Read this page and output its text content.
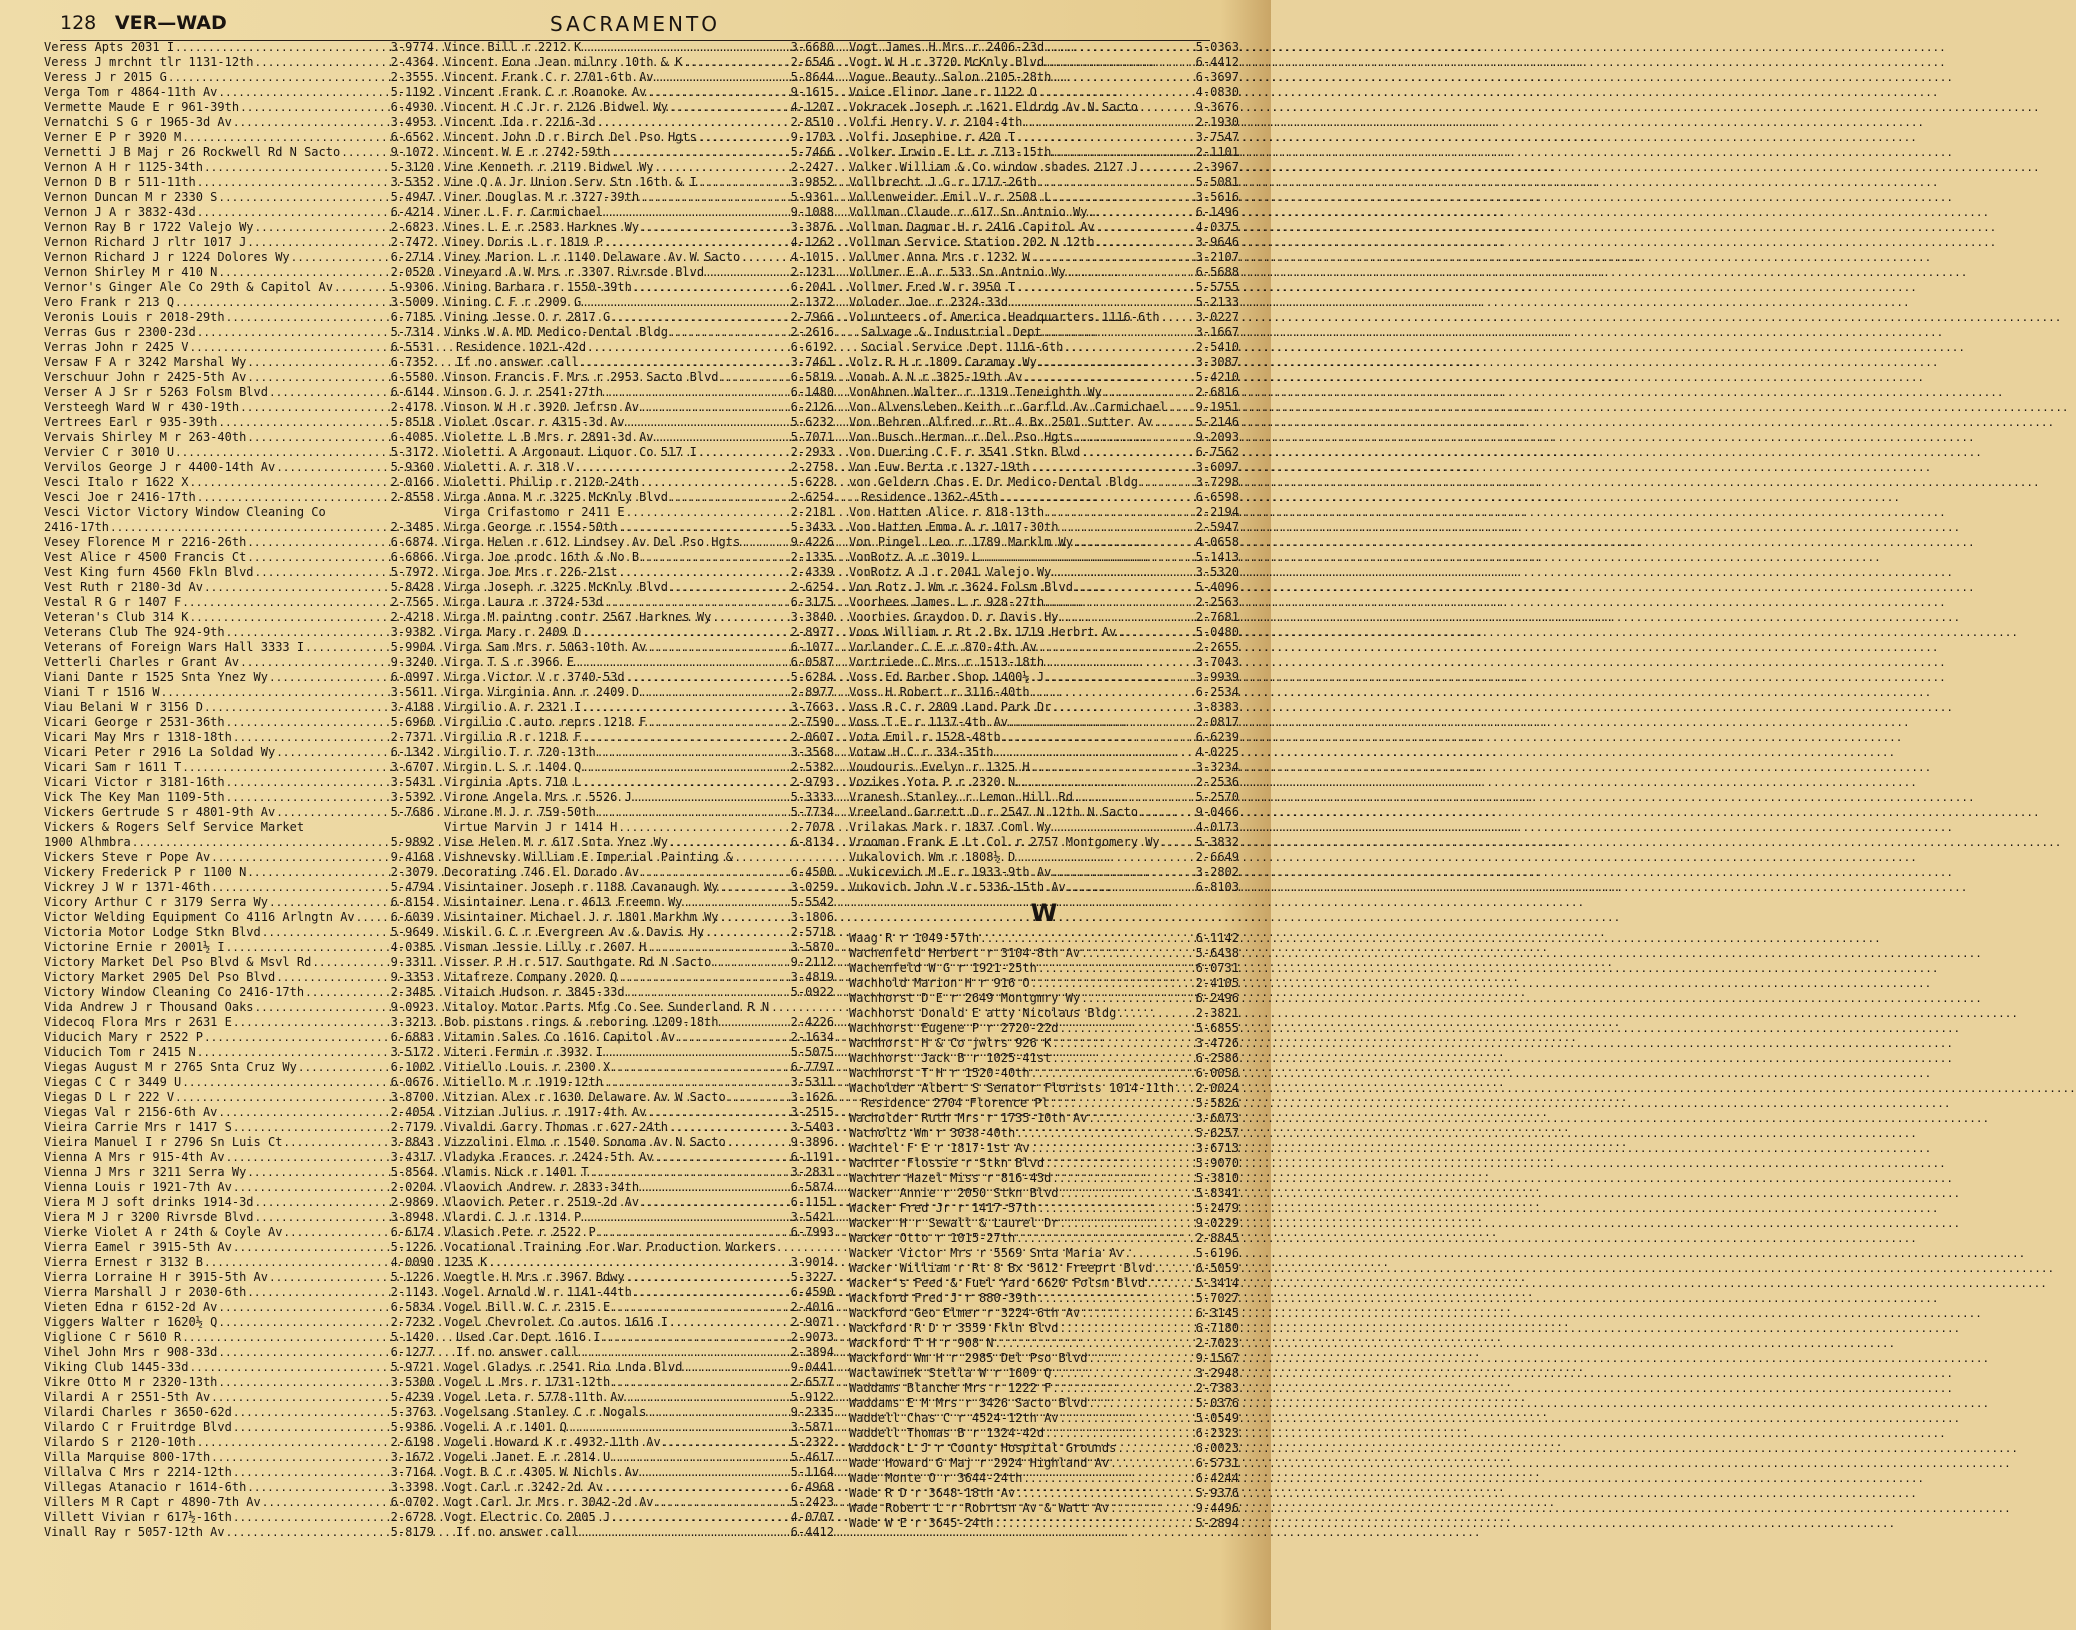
128 VER—WAD	SACRAMENTO
Veress Apts 2031 I .....	3-9774
Veress J mrchnt tlr 1131-12th .....	2-4364
Veress J r 2015 G .....	2-3555
Verga Tom r 4864-11th Av .....	5-1192
Vermette Maude E r 961-39th .....	6-4930
Vernatchi S G r 1965-3d Av .....	3-4953
Verner E P r 3920 M .....	6-6562
Vernetti J B Maj r 26 Rockwell Rd N Sacto .....	9-1072
Vernon A H r 1125-34th .....	5-3120
Vernon D B r 511-11th .....	3-5352
Vernon Duncan M r 2330 S .....	5-4947
Vernon J A r 3832-43d .....	6-4214
Vernon Ray B r 1722 Valejo Wy .....	2-6823
Vernon Richard J rltr 1017 J .....	2-7472
Vernon Richard J r 1224 Dolores Wy .....	6-2714
Vernon Shirley M r 410 N .....	2-0520
Vernor's Ginger Ale Co 29th & Capitol Av .....	5-9306
Vero Frank r 213 Q .....	3-5009
Veronis Louis r 2018-29th .....	6-7185
Verras Gus r 2300-23d .....	5-7314
Verras John r 2425 V .....	6-5531
Versaw F A r 3242 Marshal Wy .....	6-7352
Verschuur John r 2425-5th Av .....	6-5580
Verser A J Sr r 5263 Folsm Blvd .....	6-6144
Versteegh Ward W r 430-19th .....	2-4178
Vertrees Earl r 935-39th .....	5-8518
Vervais Shirley M r 263-40th .....	6-4085
Vervier C r 3010 U .....	5-3172
Vervilos George J r 4400-14th Av .....	5-9360
Vesci Italo r 1622 X .....	2-0166
Vesci Joe r 2416-17th .....	2-8558
Vesci Victor Victory Window Cleaning Co
2416-17th .....	2-3485
Vesey Florence M r 2216-26th .....	6-6874
Vest Alice r 4500 Francis Ct .....	6-6866
Vest King furn 4560 Fkln Blvd .....	5-7972
Vest Ruth r 2180-3d Av .....	5-8428
Vestal R G r 1407 F .....	2-7565
Veteran's Club 314 K .....	2-4218
Veterans Club The 924-9th .....	3-9382
Veterans of Foreign Wars Hall 3333 I .....	5-9904
Vetterli Charles r Grant Av .....	9-3240
Viani Dante r 1525 Snta Ynez Wy .....	6-0997
Viani T r 1516 W .....	3-5611
Viau Belani W r 3156 D .....	3-4188
Vicari George r 2531-36th .....	5-6960
Vicari May Mrs r 1318-18th .....	2-7371
Vicari Peter r 2916 La Soldad Wy .....	6-1342
Vicari Sam r 1611 T .....	3-6707
Vicari Victor r 3181-16th .....	3-5431
Vick The Key Man 1109-5th .....	3-5392
Vickers Gertrude S r 4801-9th Av .....	5-7686
Vickers & Rogers Self Service Market
1900 Alhmbra .....	5-9892
Vickers Steve r Pope Av .....	9-4168
Vickery Frederick P r 1100 N .....	2-3079
Vickrey J W r 1371-46th .....	5-4794
Vicory Arthur C r 3179 Serra Wy .....	6-8154
Victor Welding Equipment Co 4116 Arlngtn Av .....	6-6039
Victoria Motor Lodge Stkn Blvd .....	5-9649
Victorine Ernie r 2001½ I .....	4-0385
Victory Market Del Pso Blvd & Msvl Rd .....	9-3311
Victory Market 2905 Del Pso Blvd .....	9-3353
Victory Window Cleaning Co 2416-17th .....	2-3485
Vida Andrew J r Thousand Oaks .....	9-0923
Videcoq Flora Mrs r 2631 E .....	3-3213
Viducich Mary r 2522 P .....	6-6883
Viducich Tom r 2415 N .....	3-5172
Viegas August M r 2765 Snta Cruz Wy .....	6-1002
Viegas C C r 3449 U .....	6-0676
Viegas D L r 222 V .....	3-8700
Viegas Val r 2156-6th Av .....	2-4054
Vieira Carrie Mrs r 1417 S .....	2-7179
Vieira Manuel I r 2796 Sn Luis Ct .....	3-8843
Vienna A Mrs r 915-4th Av .....	3-4317
Vienna J Mrs r 3211 Serra Wy .....	5-8564
Vienna Louis r 1921-7th Av .....	2-0204
Viera M J soft drinks 1914-3d .....	2-9869
Viera M J r 3200 Rivrsde Blvd .....	3-8948
Vierke Violet A r 24th & Coyle Av .....	6-6174
Vierra Eamel r 3915-5th Av .....	5-1226
Vierra Ernest r 3132 B .....	4-0090
Vierra Lorraine H r 3915-5th Av .....	5-1226
Vierra Marshall J r 2030-6th .....	2-1143
Vieten Edna r 6152-2d Av .....	6-5834
Viggers Walter r 1620½ Q .....	2-7232
Viglione C r 5610 R .....	5-1420
Vihel John Mrs r 908-33d .....	6-1277
Viking Club 1445-33d .....	5-9721
Vikre Otto M r 2320-13th .....	3-5300
Vilardi A r 2551-5th Av .....	5-4239
Vilardi Charles r 3650-62d .....	5-3763
Vilardo C r Fruitrdge Blvd .....	5-9386
Vilardo S r 2120-10th .....	2-6198
Villa Marquise 800-17th .....	3-1672
Villalva C Mrs r 2214-12th .....	3-7164
Villegas Atanacio r 1614-6th .....	3-3398
Villers M R Capt r 4890-7th Av .....	6-0702
Villett Vivian r 617½-16th .....	2-6728
Vinall Ray r 5057-12th Av .....	5-8179
Vince Bill r 2212 K .....	3-6680
Vincent Eona Jean milnry 10th & K .....	2-6546
Vincent Frank C r 2701-6th Av .....	5-8644
Vincent Frank C r Roanoke Av .....	9-1615
Vincent H C Jr r 2126 Bidwel Wy .....	4-1207
Vincent Ida r 2216-3d .....	2-8510
Vincent John D r Birch Del Pso Hgts .....	9-1703
Vincent W E r 2742-59th .....	5-7466
Vine Kenneth r 2119 Bidwel Wy .....	2-2427
Vine Q A Jr Union Serv Stn 16th & I .....	3-9852
Viner Douglas M r 3727-39th .....	5-9361
Viner L F r Carmichael .....	9-1088
Vines L E r 2583 Harknes Wy .....	3-3876
Viney Doris L r 1819 P .....	4-1262
Viney Marion L r 1140 Delaware Av W Sacto .....	4-1015
Vineyard A W Mrs r 3307 Rivrsde Blvd .....	2-1231
Vining Barbara r 1550-39th .....	6-2041
Vining C F r 2909 G .....	2-1372
Vining Jesse O r 2817 G .....	2-7966
Vinks W A MD Medico-Dental Bldg .....	2-2616
Residence 1021-42d .....	6-6192
If no answer call .....	3-7461
Vinson Francis F Mrs r 2953 Sacto Blvd .....	6-5819
Vinson G J r 2541-27th .....	6-1480
Vinson W H r 3920 Jefrsn Av .....	6-2126
Violet Oscar r 4315-3d Av .....	5-6232
Violette L B Mrs r 2891-3d Av .....	5-7071
Violetti A Argonaut Liquor Co 517 I .....	2-2933
Violetti A r 318 V .....	2-2758
Violetti Philip r 2120-24th .....	5-6228
Virga Anna M r 3225 McKnly Blvd .....	2-6254
Virga Crifastomo r 2411 E .....	2-2181
Virga George r 1554-50th .....	5-3433
Virga Helen r 612 Lindsey Av Del Pso Hgts .....	9-4226
Virga Joe prodc 16th & No B .....	2-1335
Virga Joe Mrs r 226-21st .....	2-4339
Virga Joseph r 3225 McKnly Blvd .....	2-6254
Virga Laura r 3724-53d .....	6-3175
Virga M paintng contr 2567 Harknes Wy .....	3-3840
Virga Mary r 2409 D .....	2-8977
Virga Sam Mrs r 5063-10th Av .....	6-1077
Virga T S r 3966 E .....	6-0587
Virga Victor V r 3740-53d .....	5-6284
Virga Virginia Ann r 2409 D .....	2-8977
Virgilio A r 2321 I .....	3-7663
Virgilio C auto reprs 1218 F .....	2-7590
Virgilio R r 1218 F .....	2-0607
Virgilio T r 720-13th .....	3-3568
Virgin L S r 1404 Q .....	2-5382
Virginia Apts 710 L .....	2-9793
Virone Angela Mrs r 5526 J .....	5-3333
Virone M J r 759-50th .....	5-7734
Virtue Marvin J r 1414 H .....	2-7078
Vise Helen M r 617 Snta Ynez Wy .....	6-8134
Vishnevsky William E Imperial Painting &
Decorating 746 El Dorado Av .....	6-4500
Visintainer Joseph r 1188 Cavanaugh Wy .....	3-0259
Visintainer Lena r 4613 Freemn Wy .....	5-5542
Visintainer Michael J r 1801 Markhm Wy .....	3-1806
Viskil G C r Evergreen Av & Davis Hy .....	2-5718
Visman Jessie Lilly r 2607 H .....	3-5870
Visser P H r 517 Southgate Rd N Sacto .....	9-2112
Vitafreze Company 2020 Q .....	3-4819
Vitaich Hudson r 3845-33d .....	5-0922
Vitaloy Motor Parts Mfg Co See Sunderland R N
Bob pistons rings & reboring 1209-18th .....	2-4226
Vitamin Sales Co 1616 Capitol Av .....	2-1634
Viteri Fermin r 3932 I .....	5-5075
Vitiello Louis r 2300 X .....	6-7797
Vitiello M r 1919-12th .....	3-5311
Vitzian Alex r 1630 Delaware Av W Sacto .....	3-1626
Vitzian Julius r 1917-4th Av .....	3-2515
Vivaldi Garry Thomas r 627-24th .....	3-5403
Vizzolini Elmo r 1540 Sonoma Av N Sacto .....	9-3896
Vladyka Frances r 2424-5th Av .....	6-1191
Vlamis Nick r 1401 T .....	3-2831
Vlaovich Andrew r 2833-34th .....	6-5874
Vlaovich Peter r 2519-2d Av .....	6-1151
Vlardi C J r 1314 P .....	3-5421
Vlasich Pete r 2522 P .....	6-7993
Vocational Training For War Production Workers
1235 K .....	3-9014
Voegtle H Mrs r 3967 Bdwy .....	5-3227
Vogel Arnold W r 1141-44th .....	6-4590
Vogel Bill W C r 2315 E .....	2-4016
Vogel Chevrolet Co autos 1616 I .....	2-9071
Used Car Dept 1616 I .....	2-9073
If no answer call .....	2-3894
Vogel Gladys r 2541 Rio Lnda Blvd .....	9-0441
Vogel L Mrs r 1731-12th .....	2-6577
Vogel Leta r 5778-11th Av .....	5-9122
Vogelsang Stanley C r Nogals .....	9-2335
Vogeli A r 1401 Q .....	3-5871
Vogeli Howard K r 4932-11th Av .....	5-2322
Vogeli Janet E r 2814 U .....	5-4617
Vogt B C r 4305 W Nichls Av .....	5-1164
Vogt Carl r 3242-2d Av .....	6-4968
Vogt Carl Jr Mrs r 3042-2d Av .....	5-2423
Vogt Electric Co 2005 J .....	4-0707
If no answer call .....	6-4412
Vogt James H Mrs r 2406-23d .....	5-0363
Vogt W H r 3720 McKnly Blvd .....	6-4412
Vogue Beauty Salon 2105-28th .....	6-3697
Voice Elinor Jane r 1122 O .....	4-0830
Vokracek Joseph r 1621 Eldrdg Av N Sacto .....	9-3676
Volfi Henry V r 2104-4th .....	2-1930
Volfi Josephine r 420 T .....	3-7547
Volker Irwin E Lt r 713-15th .....	2-1101
Volker William & Co window shades 2127 J .....	2-3967
Vollbrecht J G r 1717-26th .....	5-5081
Vollenweider Emil V r 2508 L .....	3-5616
Vollman Claude r 617 Sn Antnio Wy .....	6-1496
Vollman Dagmar H r 2416 Capitol Av .....	4-0375
Vollman Service Station 202 N 12th .....	3-9646
Vollmer Anna Mrs r 1232 W .....	3-2107
Vollmer E A r 533 Sn Antnio Wy .....	6-5688
Vollmer Fred W r 3950 T .....	5-5755
Voloder Joe r 2324-33d .....	5-2133
Volunteers of America Headquarters 1116-6th .....	3-0227
Salvage & Industrial Dept .....	3-1667
Social Service Dept 1116-6th .....	2-5410
Volz R H r 1809 Caramay Wy .....	3-3087
Vonah A N r 3825-19th Av .....	5-4210
VonAhnen Walter r 1319 Teneighth Wy .....	2-6816
Von Alvensleben Keith r Garfld Av Carmichael ..... 9-1951
Von Behren Alfred r Rt 4 Bx 2501 Sutter Av .....	5-2146
Von Busch Herman r Del Pso Hgts .....	9-2093
Von Duering C F r 3541 Stkn Blvd .....	6-7562
Von Euw Berta r 1327-19th .....	3-6097
von Geldern Chas E Dr Medico-Dental Bldg .....	3-7298
Residence 1362-45th .....	6-6598
Von Hatten Alice r 818-13th .....	2-2194
Von Hatten Emma A r 1017-30th .....	2-5947
Von Pingel Leo r 1789 Marklm Wy .....	4-0658
VonRotz A r 3019 L .....	5-1413
VonRotz A J r 2041 Valejo Wy .....	3-5320
Von Rotz J Wm r 3624 Folsm Blvd .....	5-4096
Voorhees James L r 928-27th .....	2-2563
Voorhies Graydon D r Davis Hy .....	2-7681
Voos William r Rt 2 Bx 1719 Herbrt Av .....	5-0480
Vorlander C E r 870-4th Av .....	2-2655
Vortriede C Mrs r 1513-18th .....	3-7043
Voss Ed Barber Shop 1400½ J .....	3-9939
Voss H Robert r 3116-40th .....	6-2534
Voss R C r 2809 Land Park Dr .....	3-8383
Voss T E r 1137-4th Av .....	2-0817
Vota Emil r 1528-48th .....	6-6239
Votaw H C r 334-35th .....	4-0225
Voudouris Evelyn r 1325 H .....	3-3234
Vozikes Yota P r 2320 N .....	2-2536
Vranesh Stanley r Lemon Hill Rd .....	5-2570
Vreeland Garrett D r 2547 N 12th N Sacto .....	9-0466
Vrilakas Mark r 1837 Coml Wy .....	4-0173
Vrooman Frank E Lt Col r 2757 Montgomery Wy .....	5-3832
Vukalovich Wm r 1808½ D .....	2-6649
Vukicevich M E r 1933-9th Av .....	3-2802
Vukovich John V r 5336-15th Av .....	6-8103
W
Waag R r 1049-57th .....	6-1142
Wachenfeld Herbert r 3104-8th Av .....	5-6438
Wachenfeld W G r 1921-25th .....	6-0731
Wachhold Marion H r 916 O .....	2-4105
Wachhorst D E r 2649 Montgmry Wy .....	6-2496
Wachhorst Donald E atty Nicolaus Bldg .....	2-3821
Wachhorst Eugene P r 2720-22d .....	5-6855
Wachhorst H & Co jwlrs 926 K .....	3-4726
Wachhorst Jack B r 1025-41st .....	6-2586
Wachhorst T H r 1520-40th .....	6-0056
Wacholder Albert S Senator Florists 1014-11th ..... 2-0024
Residence 2704 Florence Pl .....	5-5826
Wacholder Ruth Mrs r 1735-10th Av .....	3-6073
Wacholtz Wm r 3038-40th .....	5-6257
Wachtel F E r 1817-1st Av .....	3-6713
Wachter Flossie r Stkn Blvd .....	5-9070
Wachter Hazel Miss r 816-43d .....	5-3810
Wacker Annie r 2050 Stkn Blvd .....	5-8341
Wacker Fred Jr r 1417-57th .....	5-2479
Wacker H r Sewall & Laurel Dr .....	9-0229
Wacker Otto r 1015-27th .....	2-8845
Wacker Victor Mrs r 5569 Snta Maria Av .....	5-6196
Wacker William r Rt 8 Bx 5612 Freeprt Blvd .....	6-5059
Wacker's Feed & Fuel Yard 6620 Folsm Blvd .....	5-3414
Wackford Fred J r 880-39th .....	5-7027
Wackford Geo Elmer r 3224-6th Av .....	6-3145
Wackford R D r 3559 Fkln Blvd .....	6-7180
Wackford T H r 908 N .....	2-7023
Wackford Wm H r 2985 Del Pso Blvd .....	9-1567
Waclawinek Stella W r 1609 Q .....	3-2948
Waddams Blanche Mrs r 1222 F .....	2-7383
Waddams E M Mrs r 3426 Sacto Blvd .....	5-0376
Waddell Chas C r 4524-12th Av .....	5-0549
Waddell Thomas B r 1324-42d .....	6-2323
Waddock L J r County Hospital Grounds .....	6-0023
Wade Howard G Maj r 2924 Highland Av .....	6-5731
Wade Monte O r 3644-24th .....	6-4244
Wade R D r 3648-18th Av .....	5-9376
Wade Robert L r Robrtsn Av & Watt Av .....	9-4496
Wade W E r 3645-24th .....	5-2894
